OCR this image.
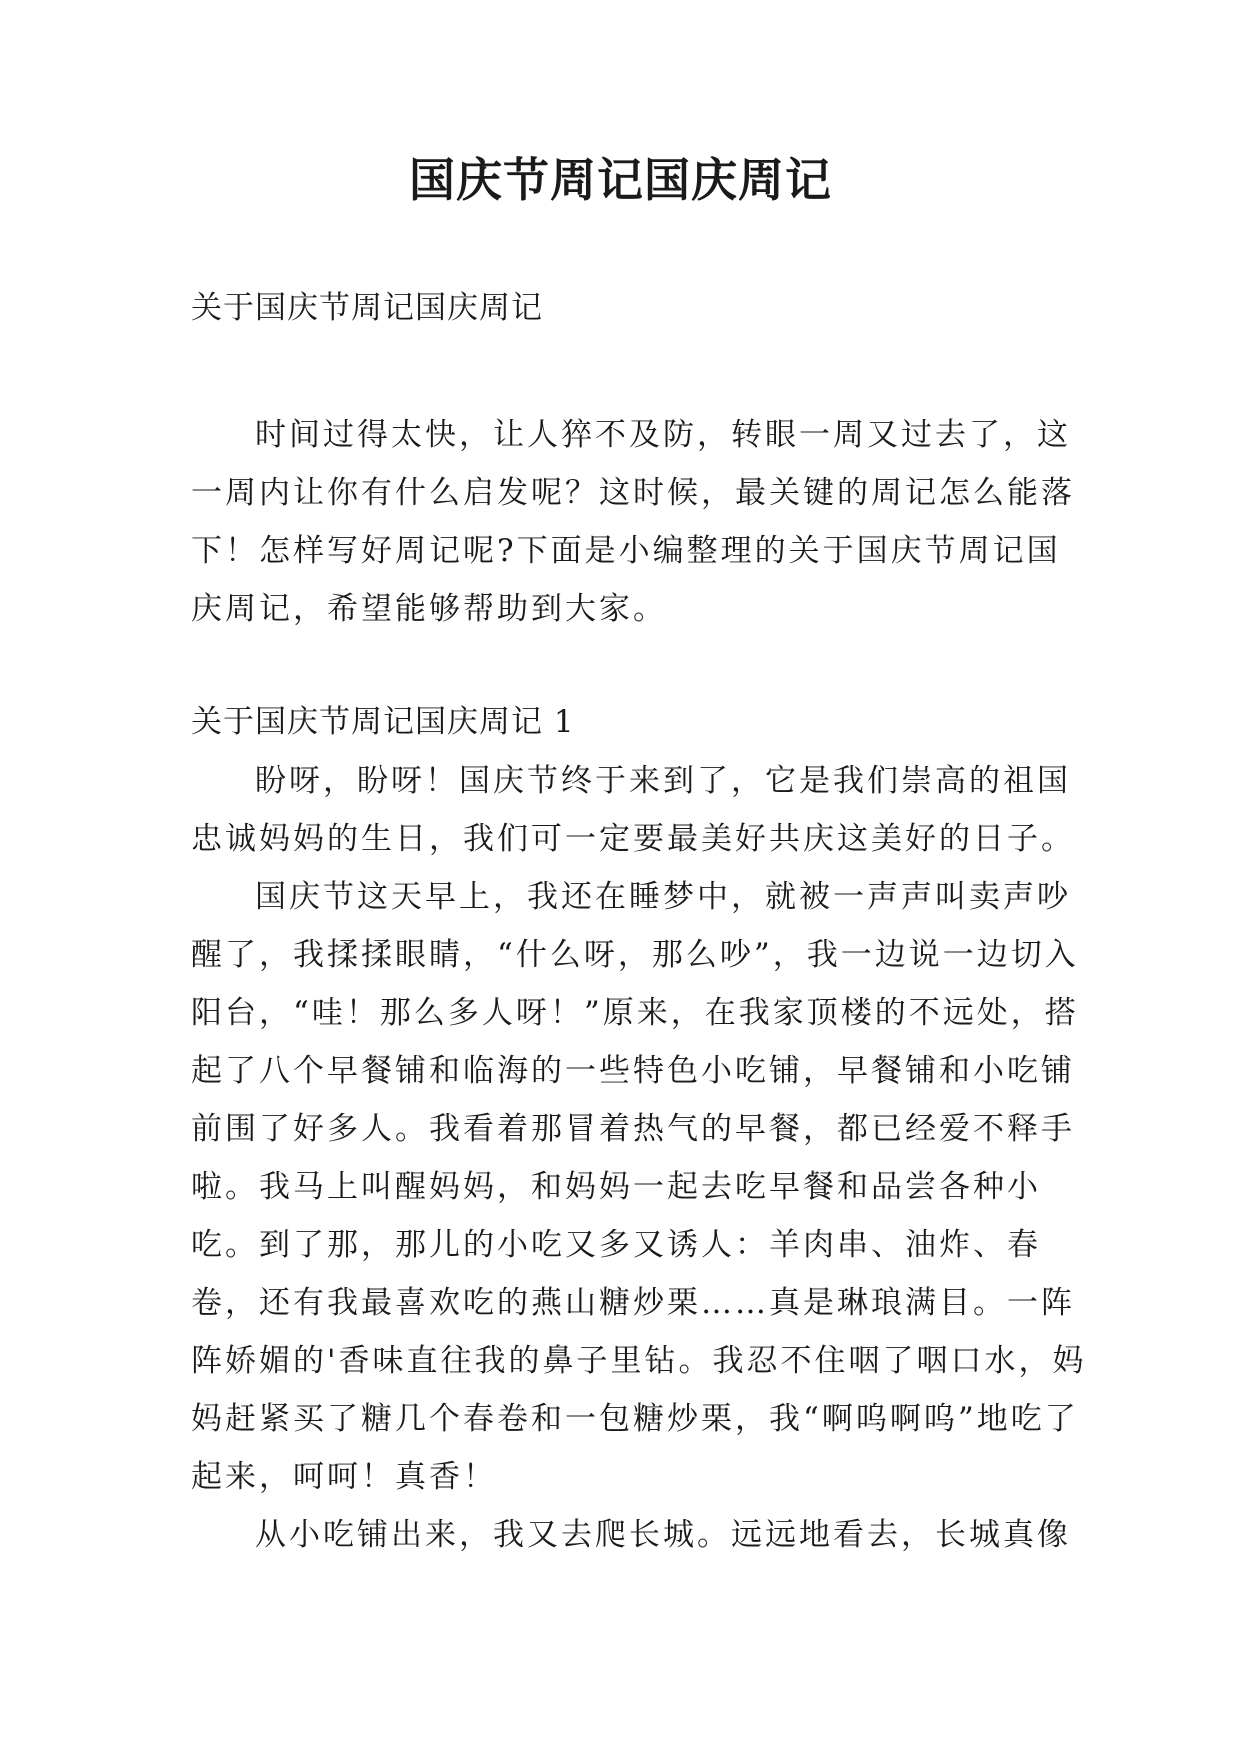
国庆节周记国庆周记
关于国庆节周记国庆周记

时间过得太快，让人猝不及防，转眼一周又过去了，这一周内让你有什么启发呢？这时候，最关键的周记怎么能落下！怎样写好周记呢?下面是小编整理的关于国庆节周记国庆周记，希望能够帮助到大家。

关于国庆节周记国庆周记 1

盼呀，盼呀！国庆节终于来到了，它是我们崇高的祖国忠诚妈妈的生日，我们可一定要最美好共庆这美好的日子。

国庆节这天早上，我还在睡梦中，就被一声声叫卖声吵醒了，我揉揉眼睛，“什么呀，那么吵”，我一边说一边切入阳台，“哇！那么多人呀！”原来，在我家顶楼的不远处，搭起了八个早餐铺和临海的一些特色小吃铺，早餐铺和小吃铺前围了好多人。我看着那冒着热气的早餐，都已经爱不释手啦。我马上叫醒妈妈，和妈妈一起去吃早餐和品尝各种小吃。到了那，那儿的小吃又多又诱人：羊肉串、油炸、春卷，还有我最喜欢吃的燕山糖炒栗……真是琳琅满目。一阵阵娇媚的'香味直往我的鼻子里钻。我忍不住咽了咽口水，妈妈赶紧买了糖几个春卷和一包糖炒栗，我“啊呜啊呜”地吃了起来，呵呵！真香！

从小吃铺出来，我又去爬长城。远远地看去，长城真像
